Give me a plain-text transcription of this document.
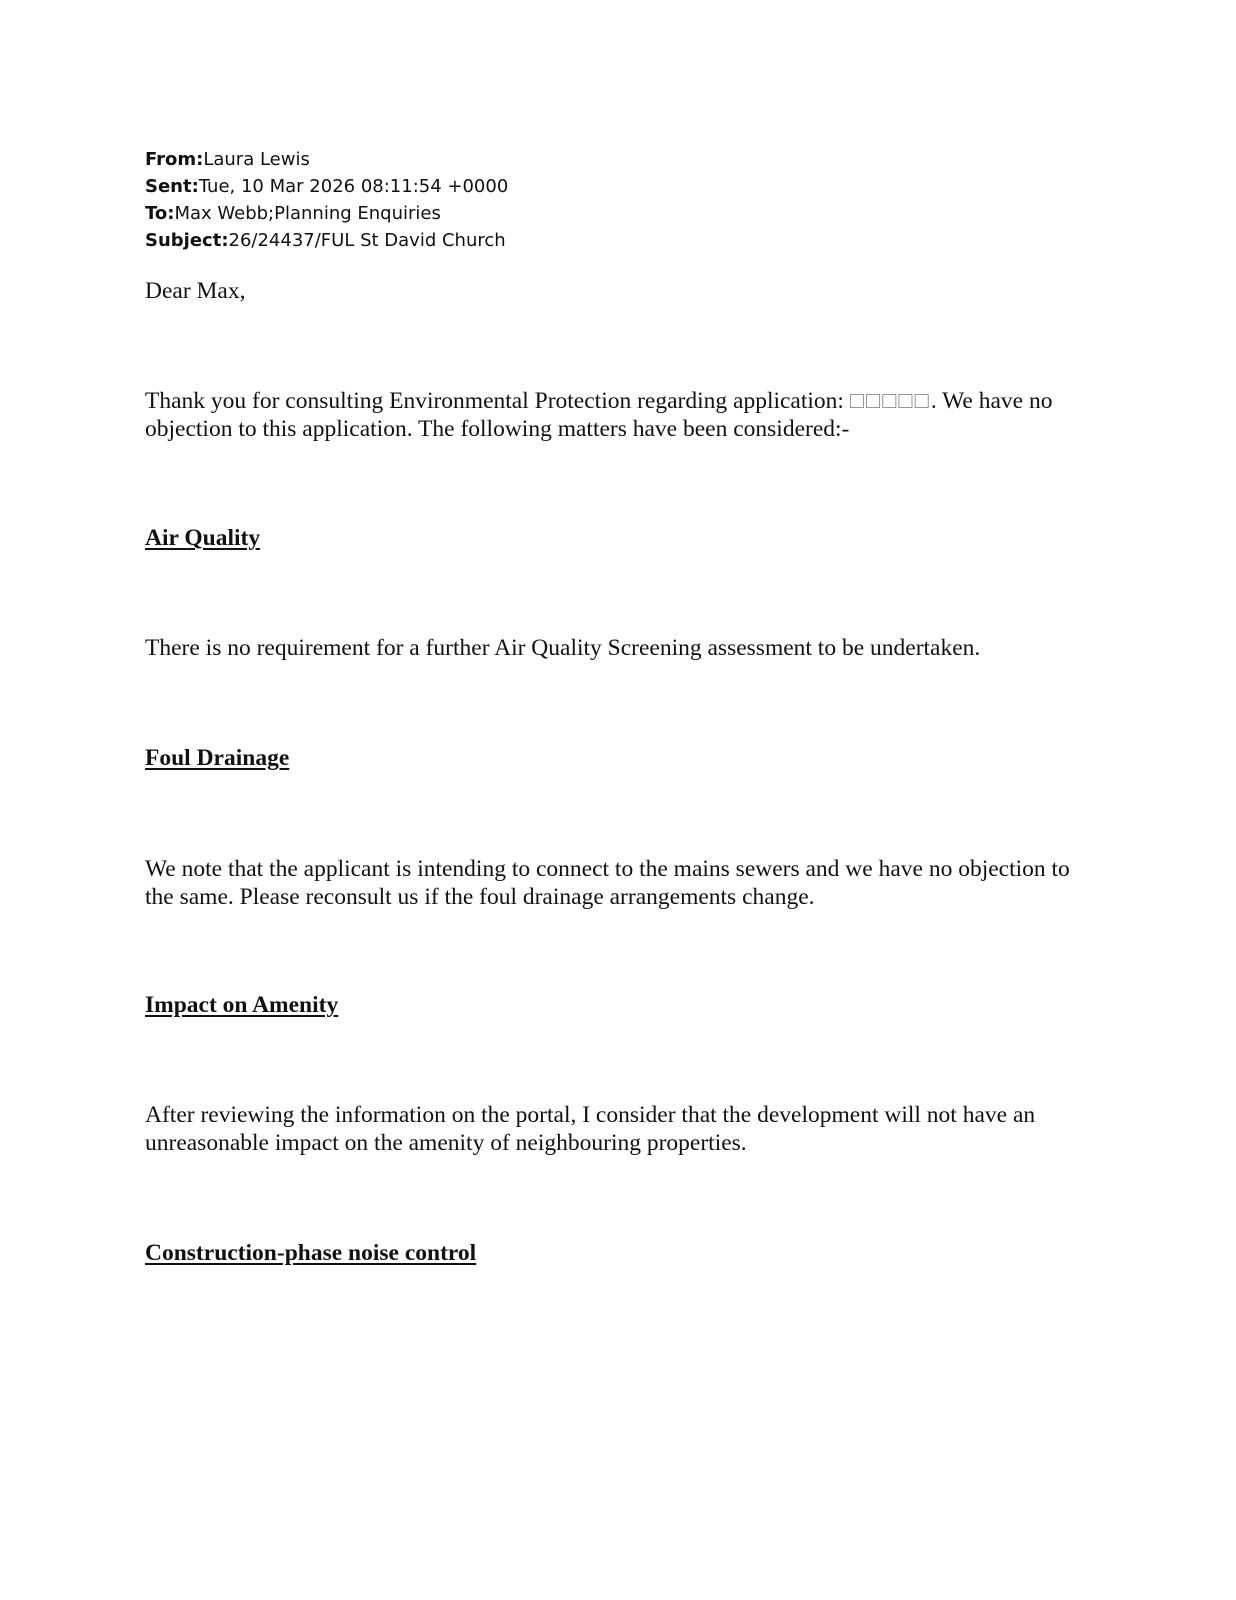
From:Laura Lewis
Sent:Tue, 10 Mar 2026 08:11:54 +0000
To:Max Webb;Planning Enquiries
Subject:26/24437/FUL St David Church

Dear Max,

Thank you for consulting Environmental Protection regarding application: □□□□□. We have no objection to this application. The following matters have been considered:-

Air Quality

There is no requirement for a further Air Quality Screening assessment to be undertaken.

Foul Drainage

We note that the applicant is intending to connect to the mains sewers and we have no objection to the same. Please reconsult us if the foul drainage arrangements change.

Impact on Amenity

After reviewing the information on the portal, I consider that the development will not have an unreasonable impact on the amenity of neighbouring properties.

Construction-phase noise control
